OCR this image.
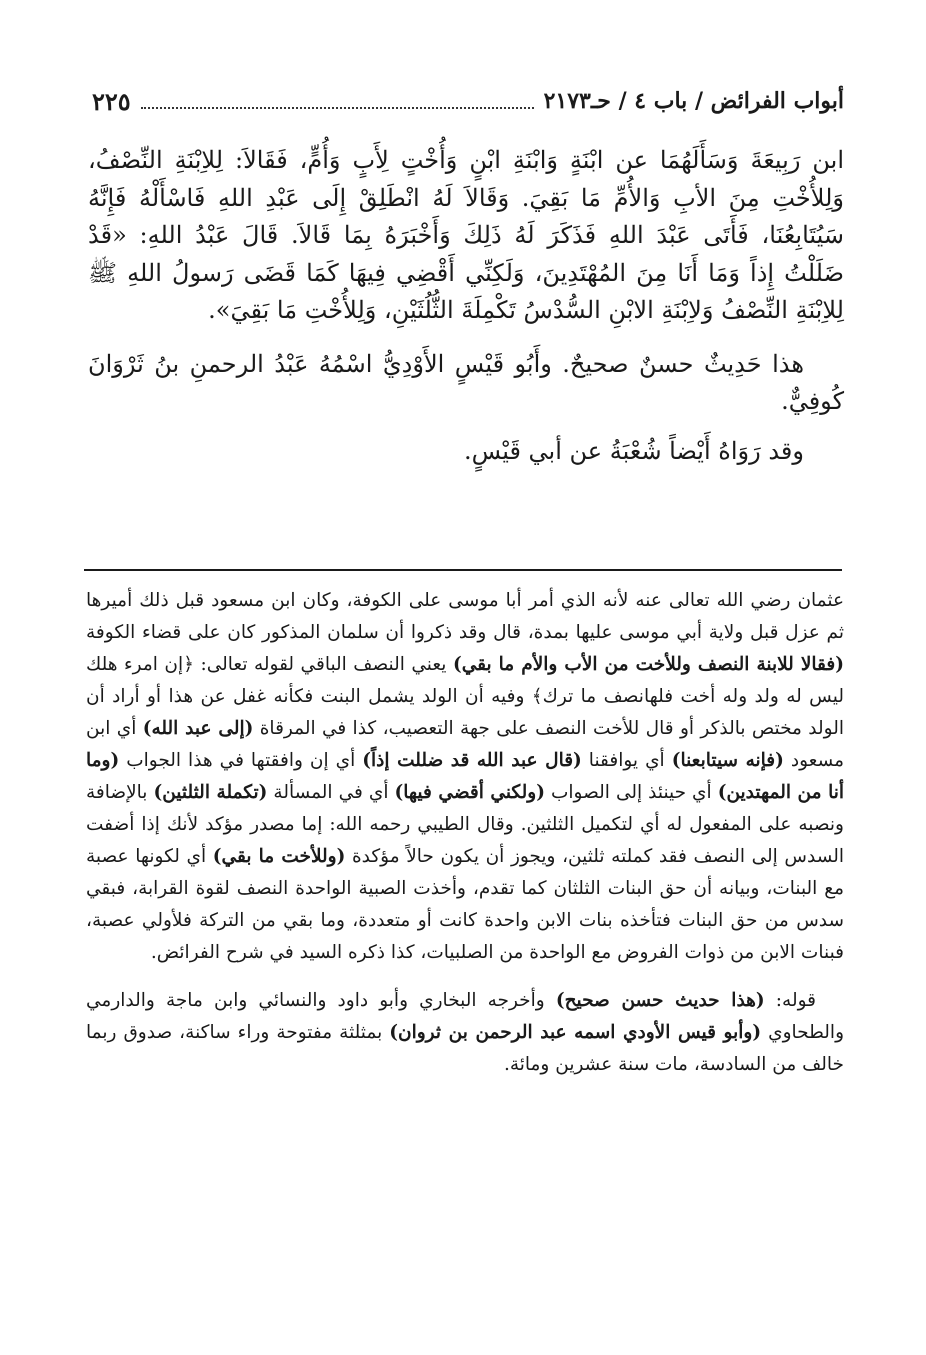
أبواب الفرائض / باب ٤ / حـ٢١٧٣
٢٢٥

ابن رَبِيعَةَ وَسَأَلَهُمَا عن ابْنَةٍ وَابْنَةِ ابْنٍ وَأُخْتٍ لِأَبٍ وَأُمٍّ، فَقَالاَ: لِلاِبْنَةِ النِّصْفُ، وَلِلأُخْتِ مِنَ الأبِ وَالأُمِّ مَا بَقِيَ. وَقَالاَ لَهُ انْطَلِقْ إِلَى عَبْدِ اللهِ فَاسْأَلْهُ فَإِنَّهُ سَيُتَابِعُنَا، فَأَتَى عَبْدَ اللهِ فَذَكَرَ لَهُ ذَلِكَ وَأَخْبَرَهُ بِمَا قَالاَ. قَالَ عَبْدُ اللهِ: «قَدْ ضَلَلْتُ إِذاً وَمَا أَنَا مِنَ المُهْتَدِينَ، وَلَكِنِّي أَقْضِي فِيهَا كَمَا قَضَى رَسولُ اللهِ ﷺ لِلاِبْنَةِ النِّصْفُ وَلاِبْنَةِ الابْنِ السُّدْسُ تَكْمِلَةَ الثُّلُثَيْنِ، وَلِلأُخْتِ مَا بَقِيَ».

هذا حَدِيثٌ حسنٌ صحيحٌ. وأَبُو قَيْسٍ الأَوْدِيُّ اسْمُهُ عَبْدُ الرحمنِ بنُ ثَرْوَانَ كُوفِيٌّ.

وقد رَوَاهُ أَيْضاً شُعْبَةُ عن أبي قَيْسٍ.

عثمان رضي الله تعالى عنه لأنه الذي أمر أبا موسى على الكوفة، وكان ابن مسعود قبل ذلك أميرها ثم عزل قبل ولاية أبي موسى عليها بمدة، قال وقد ذكروا أن سلمان المذكور كان على قضاء الكوفة (فقالا للابنة النصف وللأخت من الأب والأم ما بقي) يعني النصف الباقي لقوله تعالى: ﴿إن امرء هلك ليس له ولد وله أخت فلهانصف ما ترك﴾ وفيه أن الولد يشمل البنت فكأنه غفل عن هذا أو أراد أن الولد مختص بالذكر أو قال للأخت النصف على جهة التعصيب، كذا في المرقاة (إلى عبد الله) أي ابن مسعود (فإنه سيتابعنا) أي يوافقنا (قال عبد الله قد ضللت إذاً) أي إن وافقتها في هذا الجواب (وما أنا من المهتدين) أي حينئذ إلى الصواب (ولكني أقضي فيها) أي في المسألة (تكملة الثلثين) بالإضافة ونصبه على المفعول له أي لتكميل الثلثين. وقال الطيبي رحمه الله: إما مصدر مؤكد لأنك إذا أضفت السدس إلى النصف فقد كملته ثلثين، ويجوز أن يكون حالاً مؤكدة (وللأخت ما بقي) أي لكونها عصبة مع البنات، وبيانه أن حق البنات الثلثان كما تقدم، وأخذت الصبية الواحدة النصف لقوة القرابة، فبقي سدس من حق البنات فتأخذه بنات الابن واحدة كانت أو متعددة، وما بقي من التركة فلأولي عصبة، فبنات الابن من ذوات الفروض مع الواحدة من الصلبيات، كذا ذكره السيد في شرح الفرائض.

قوله: (هذا حديث حسن صحيح) وأخرجه البخاري وأبو داود والنسائي وابن ماجة والدارمي والطحاوي (وأبو قيس الأودي اسمه عبد الرحمن بن ثروان) بمثلثة مفتوحة وراء ساكنة، صدوق ربما خالف من السادسة، مات سنة عشرين ومائة.
